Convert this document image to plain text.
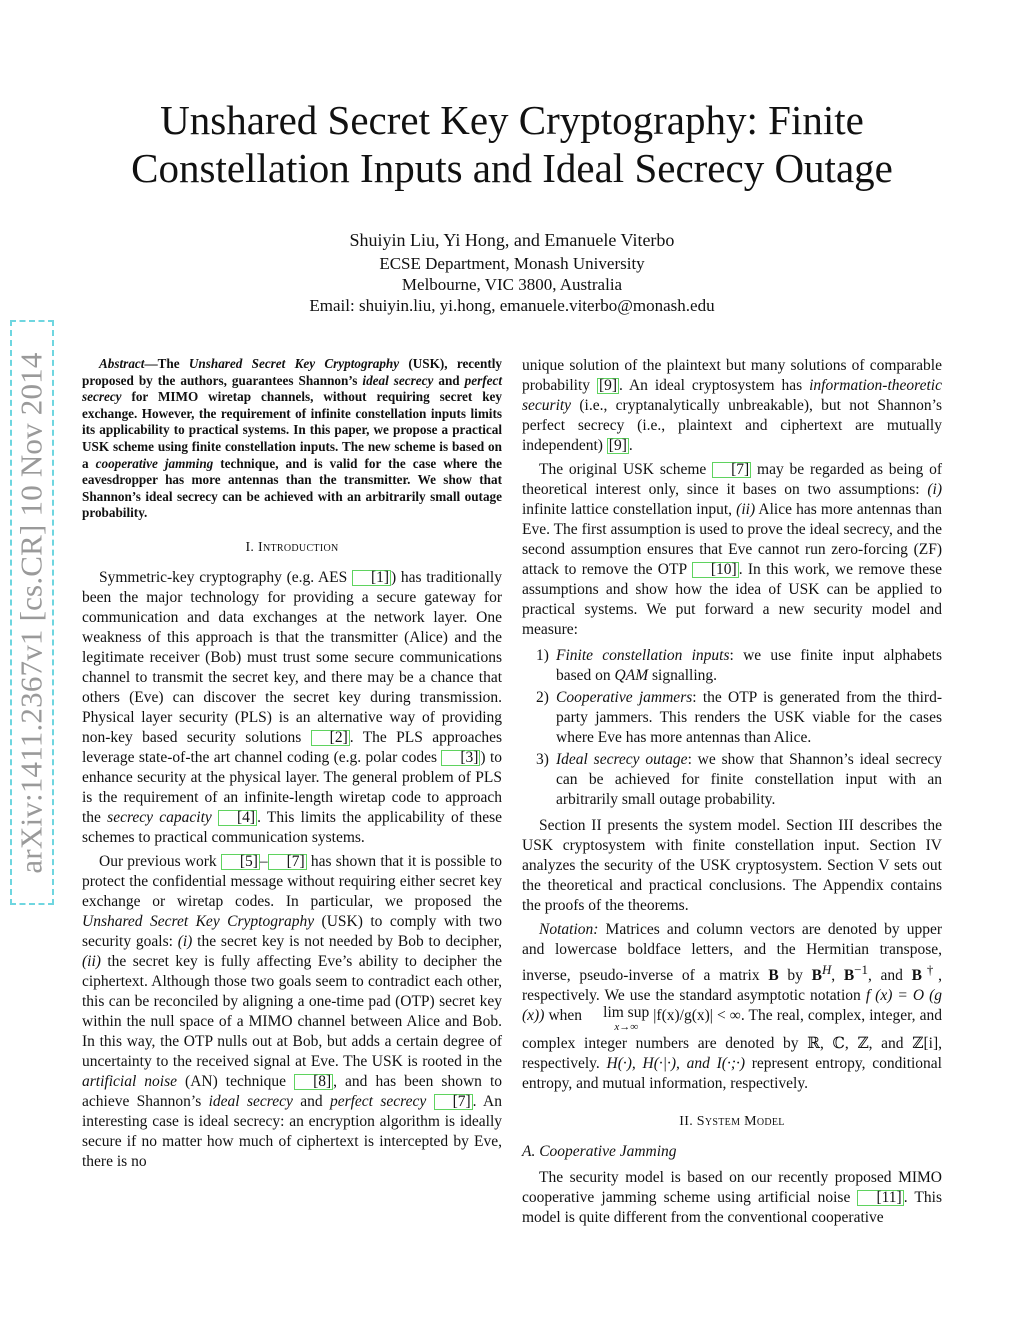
arXiv:1411.2367v1 [cs.CR] 10 Nov 2014
Unshared Secret Key Cryptography: Finite Constellation Inputs and Ideal Secrecy Outage
Shuiyin Liu, Yi Hong, and Emanuele Viterbo
ECSE Department, Monash University
Melbourne, VIC 3800, Australia
Email: shuiyin.liu, yi.hong, emanuele.viterbo@monash.edu

Abstract—The Unshared Secret Key Cryptography (USK), recently proposed by the authors, guarantees Shannon’s ideal secrecy and perfect secrecy for MIMO wiretap channels, without requiring secret key exchange. However, the requirement of infinite constellation inputs limits its applicability to practical systems. In this paper, we propose a practical USK scheme using finite constellation inputs. The new scheme is based on a cooperative jamming technique, and is valid for the case where the eavesdropper has more antennas than the transmitter. We show that Shannon’s ideal secrecy can be achieved with an arbitrarily small outage probability.

I. Introduction

Symmetric-key cryptography (e.g. AES [1] ) has traditionally been the major technology for providing a secure gateway for communication and data exchanges at the network layer. One weakness of this approach is that the transmitter (Alice) and the legitimate receiver (Bob) must trust some secure communications channel to transmit the secret key, and there may be a chance that others (Eve) can discover the secret key during transmission. Physical layer security (PLS) is an alternative way of providing non-key based security solutions [2] . The PLS approaches leverage state-of-the art channel coding (e.g. polar codes [3] ) to enhance security at the physical layer. The general problem of PLS is the requirement of an infinite-length wiretap code to approach the secrecy capacity [4] . This limits the applicability of these schemes to practical communication systems.

Our previous work [5] – [7] has shown that it is possible to protect the confidential message without requiring either secret key exchange or wiretap codes. In particular, we proposed the Unshared Secret Key Cryptography (USK) to comply with two security goals: (i) the secret key is not needed by Bob to decipher, (ii) the secret key is fully affecting Eve’s ability to decipher the ciphertext. Although those two goals seem to contradict each other, this can be reconciled by aligning a one-time pad (OTP) secret key within the null space of a MIMO channel between Alice and Bob. In this way, the OTP nulls out at Bob, but adds a certain degree of uncertainty to the received signal at Eve. The USK is rooted in the artificial noise (AN) technique [8] , and has been shown to achieve Shannon’s ideal secrecy and perfect secrecy [7] . An interesting case is ideal secrecy: an encryption algorithm is ideally secure if no matter how much of ciphertext is intercepted by Eve, there is no

unique solution of the plaintext but many solutions of comparable probability [9] . An ideal cryptosystem has information-theoretic security (i.e., cryptanalytically unbreakable), but not Shannon’s perfect secrecy (i.e., plaintext and ciphertext are mutually independent) [9] .

The original USK scheme [7] may be regarded as being of theoretical interest only, since it bases on two assumptions: (i) infinite lattice constellation input, (ii) Alice has more antennas than Eve. The first assumption is used to prove the ideal secrecy, and the second assumption ensures that Eve cannot run zero-forcing (ZF) attack to remove the OTP [10] . In this work, we remove these assumptions and show how the idea of USK can be applied to practical systems. We put forward a new security model and measure:

1) Finite constellation inputs: we use finite input alphabets based on QAM signalling.
2) Cooperative jammers: the OTP is generated from the third-party jammers. This renders the USK viable for the cases where Eve has more antennas than Alice.
3) Ideal secrecy outage: we show that Shannon’s ideal secrecy can be achieved for finite constellation input with an arbitrarily small outage probability.

Section II presents the system model. Section III describes the USK cryptosystem with finite constellation input. Section IV analyzes the security of the USK cryptosystem. Section V sets out the theoretical and practical conclusions. The Appendix contains the proofs of the theorems.

Notation: Matrices and column vectors are denoted by upper and lowercase boldface letters, and the Hermitian transpose, inverse, pseudo-inverse of a matrix B by $B^H$, $B^{-1}$, and B†, respectively. We use the standard asymptotic notation f (x) = O (g (x)) when	lim sup
x→∞
|f(x)/g(x)| < ∞. The real, complex, integer, and complex integer numbers are denoted by ℝ, ℂ, ℤ, and ℤ[i], respectively. H(·), H(·|·), and I(·;·) represent entropy, conditional entropy, and mutual information, respectively.

II. System Model
A. Cooperative Jamming

The security model is based on our recently proposed MIMO cooperative jamming scheme using artificial noise [11] . This model is quite different from the conventional cooperative
